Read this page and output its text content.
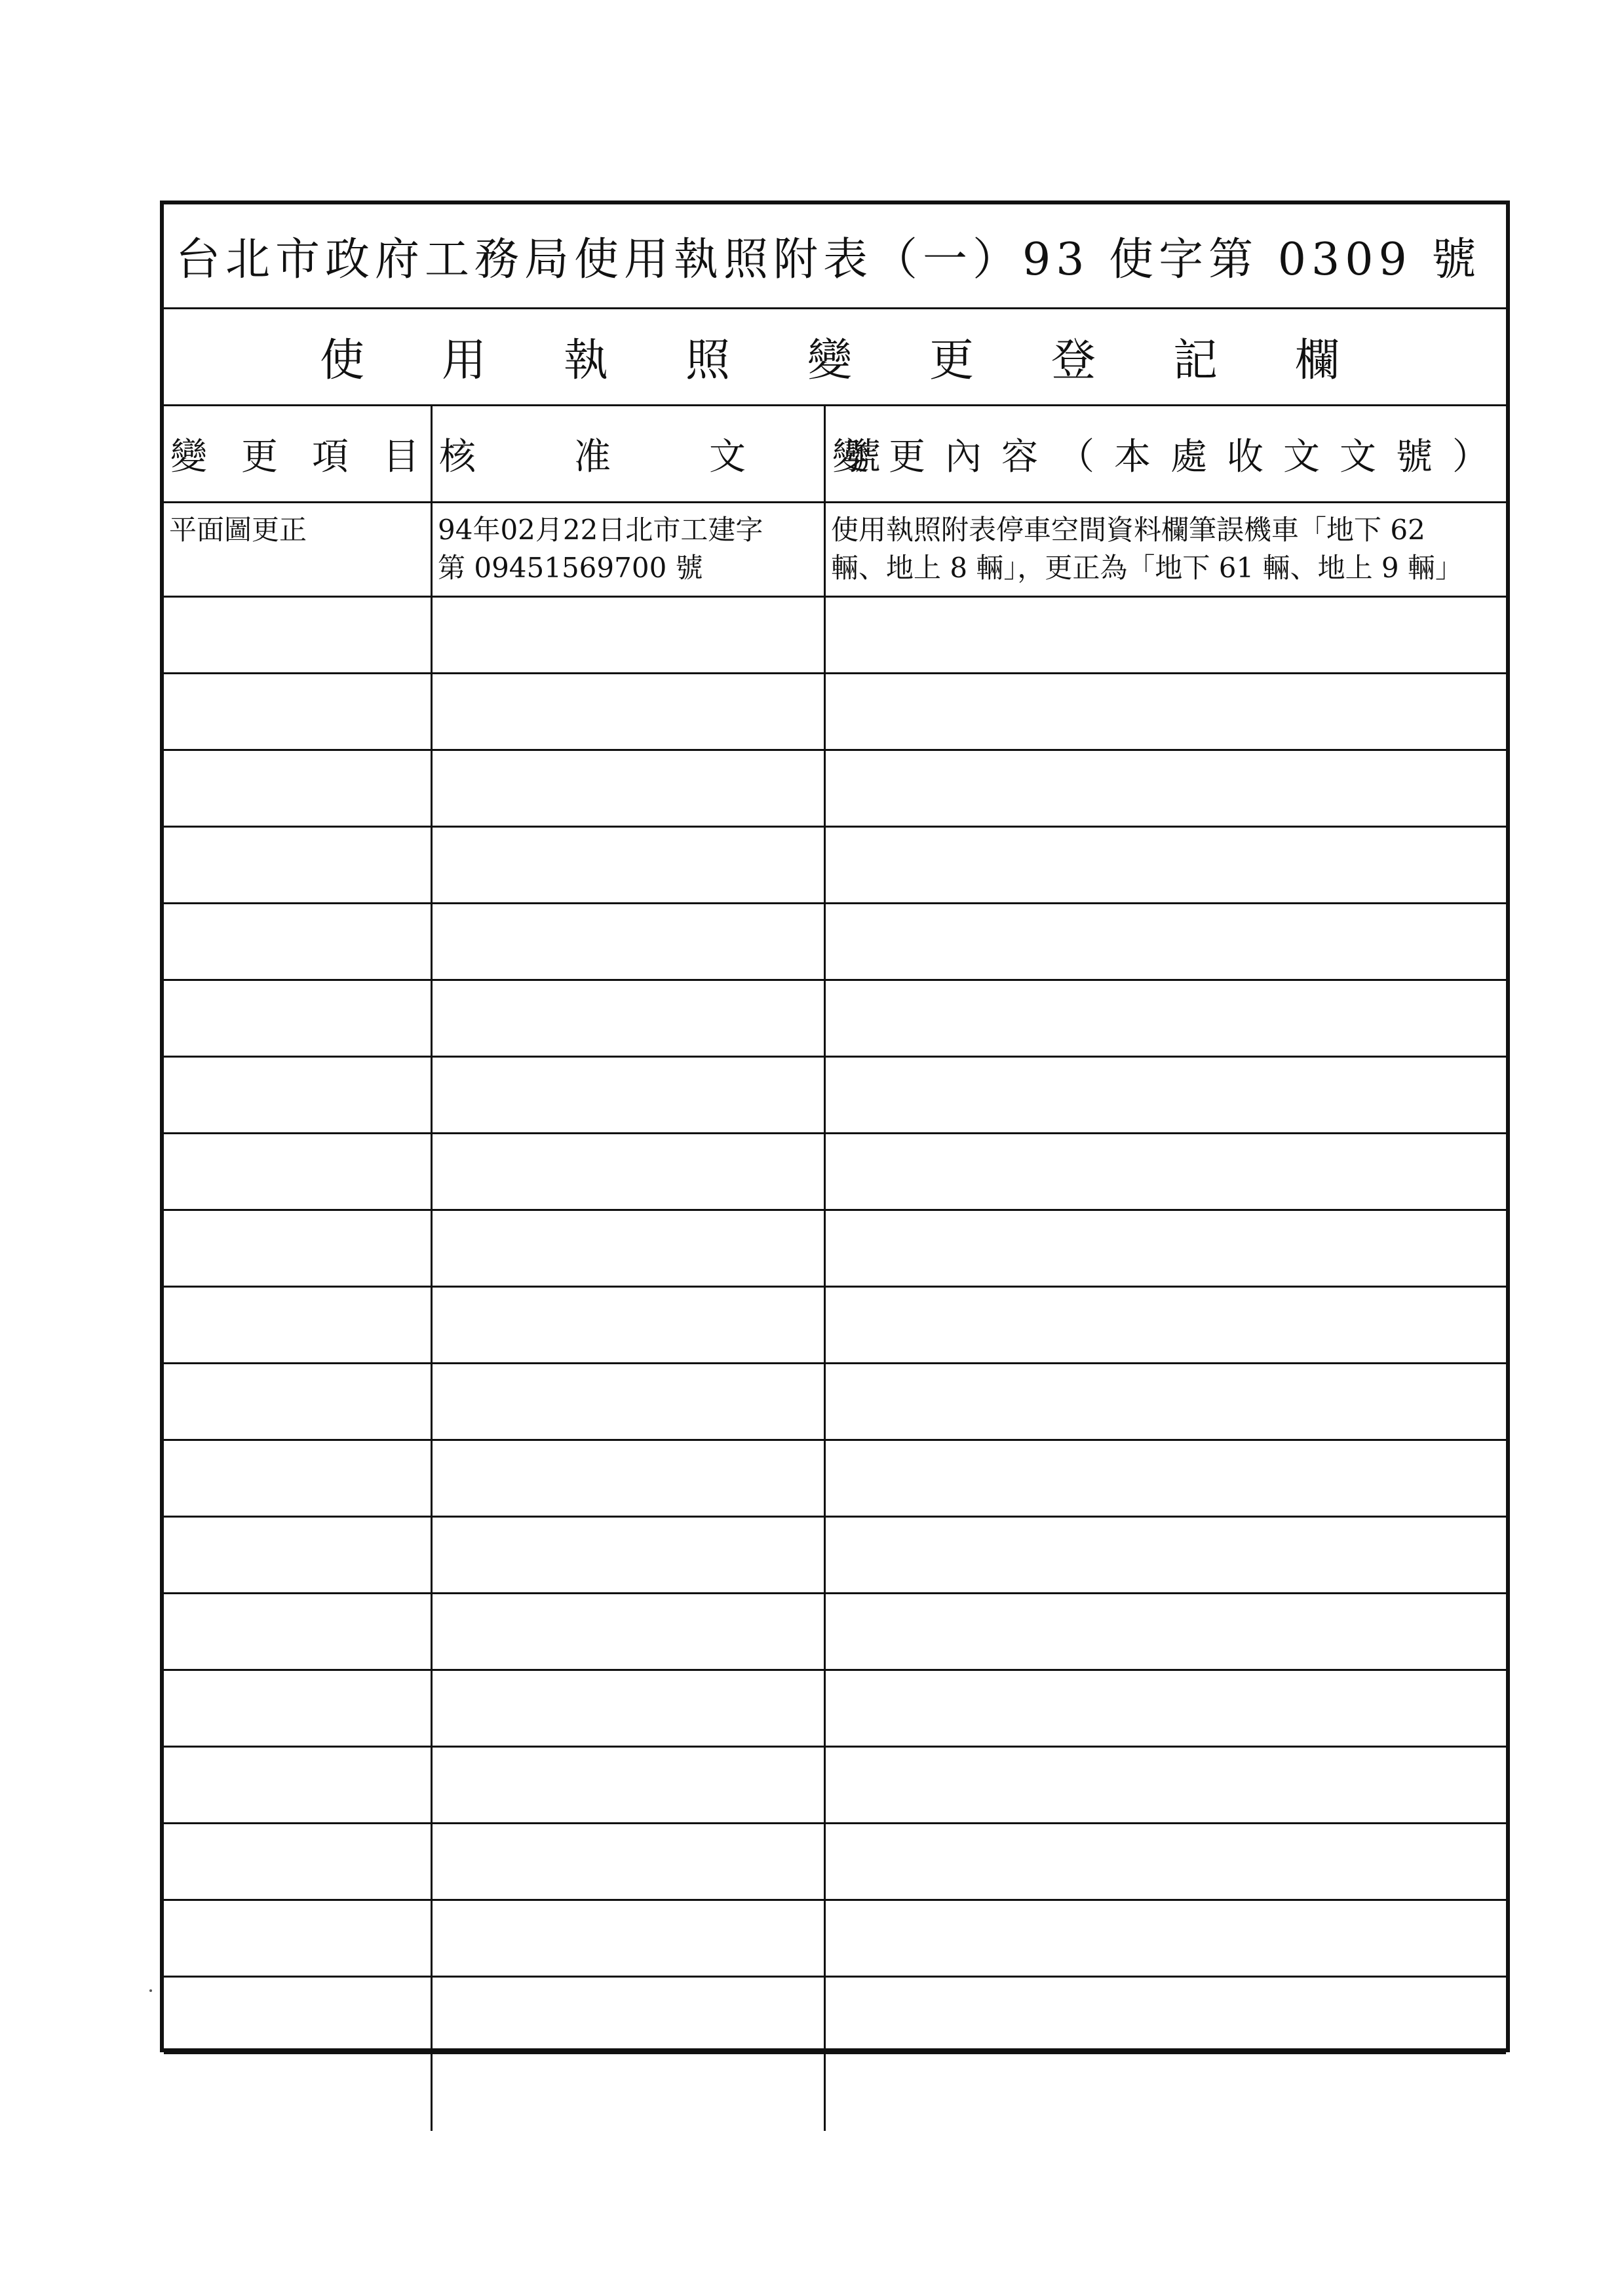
台北市政府工務局使用執照附表（一）93 使字第 0309 號
使用執照變更登記欄
變更項目
核准文號
變更內容（本處收文文號）
平面圖更正	94年02月22日北市工建字
第 09451569700 號
使用執照附表停車空間資料欄筆誤機車「地下 62
輛、地上 8 輛」，更正為「地下 61 輛、地上 9 輛」
